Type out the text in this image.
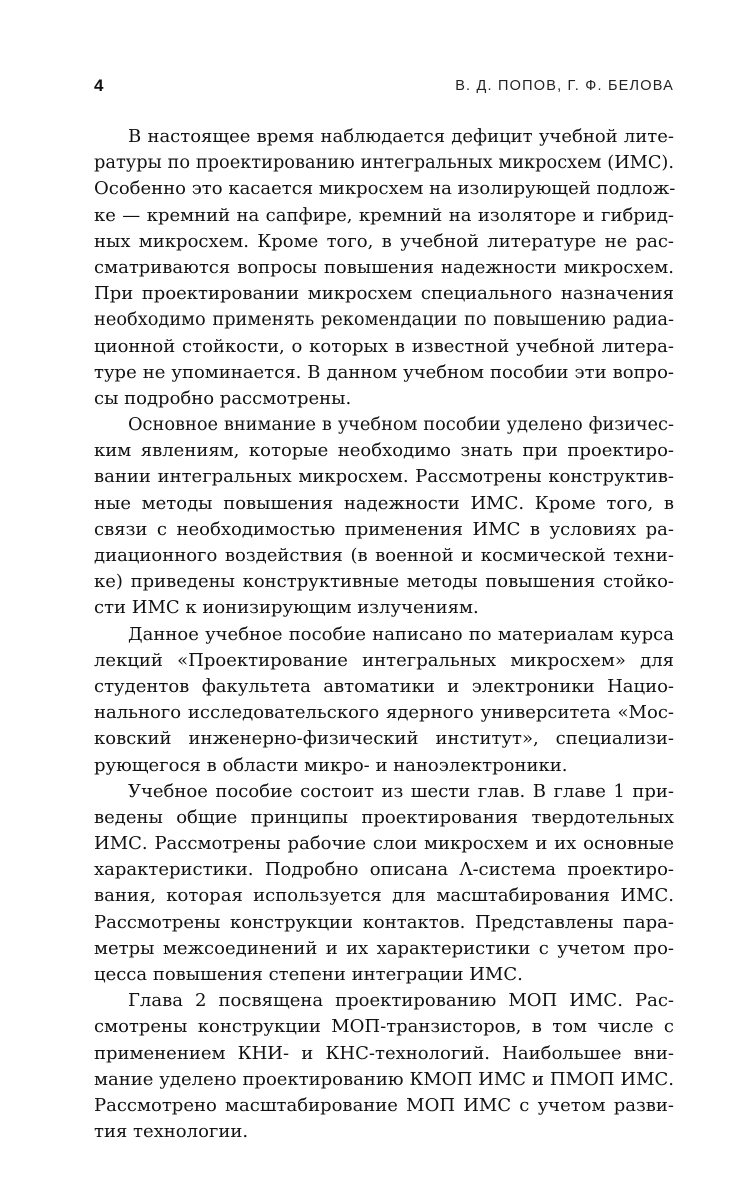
4	В. Д. ПОПОВ, Г. Ф. БЕЛОВА
В настоящее время наблюдается дефицит учебной лите-
ратуры по проектированию интегральных микросхем (ИМС).
Особенно это касается микросхем на изолирующей подлож-
ке — кремний на сапфире, кремний на изоляторе и гибрид-
ных микросхем. Кроме того, в учебной литературе не рас-
сматриваются вопросы повышения надежности микросхем.
При проектировании микросхем специального назначения
необходимо применять рекомендации по повышению радиа-
ционной стойкости, о которых в известной учебной литера-
туре не упоминается. В данном учебном пособии эти вопро-
сы подробно рассмотрены.
Основное внимание в учебном пособии уделено физичес-
ким явлениям, которые необходимо знать при проектиро-
вании интегральных микросхем. Рассмотрены конструктив-
ные методы повышения надежности ИМС. Кроме того, в
связи с необходимостью применения ИМС в условиях ра-
диационного воздействия (в военной и космической техни-
ке) приведены конструктивные методы повышения стойко-
сти ИМС к ионизирующим излучениям.
Данное учебное пособие написано по материалам курса
лекций «Проектирование интегральных микросхем» для
студентов факультета автоматики и электроники Нацио-
нального исследовательского ядерного университета «Мос-
ковский инженерно-физический институт», специализи-
рующегося в области микро- и наноэлектроники.
Учебное пособие состоит из шести глав. В главе 1 при-
ведены общие принципы проектирования твердотельных
ИМС. Рассмотрены рабочие слои микросхем и их основные
характеристики. Подробно описана Λ-система проектиро-
вания, которая используется для масштабирования ИМС.
Рассмотрены конструкции контактов. Представлены пара-
метры межсоединений и их характеристики с учетом про-
цесса повышения степени интеграции ИМС.
Глава 2 посвящена проектированию МОП ИМС. Рас-
смотрены конструкции МОП-транзисторов, в том числе с
применением КНИ- и КНС-технологий. Наибольшее вни-
мание уделено проектированию КМОП ИМС и ПМОП ИМС.
Рассмотрено масштабирование МОП ИМС с учетом разви-
тия технологии.
